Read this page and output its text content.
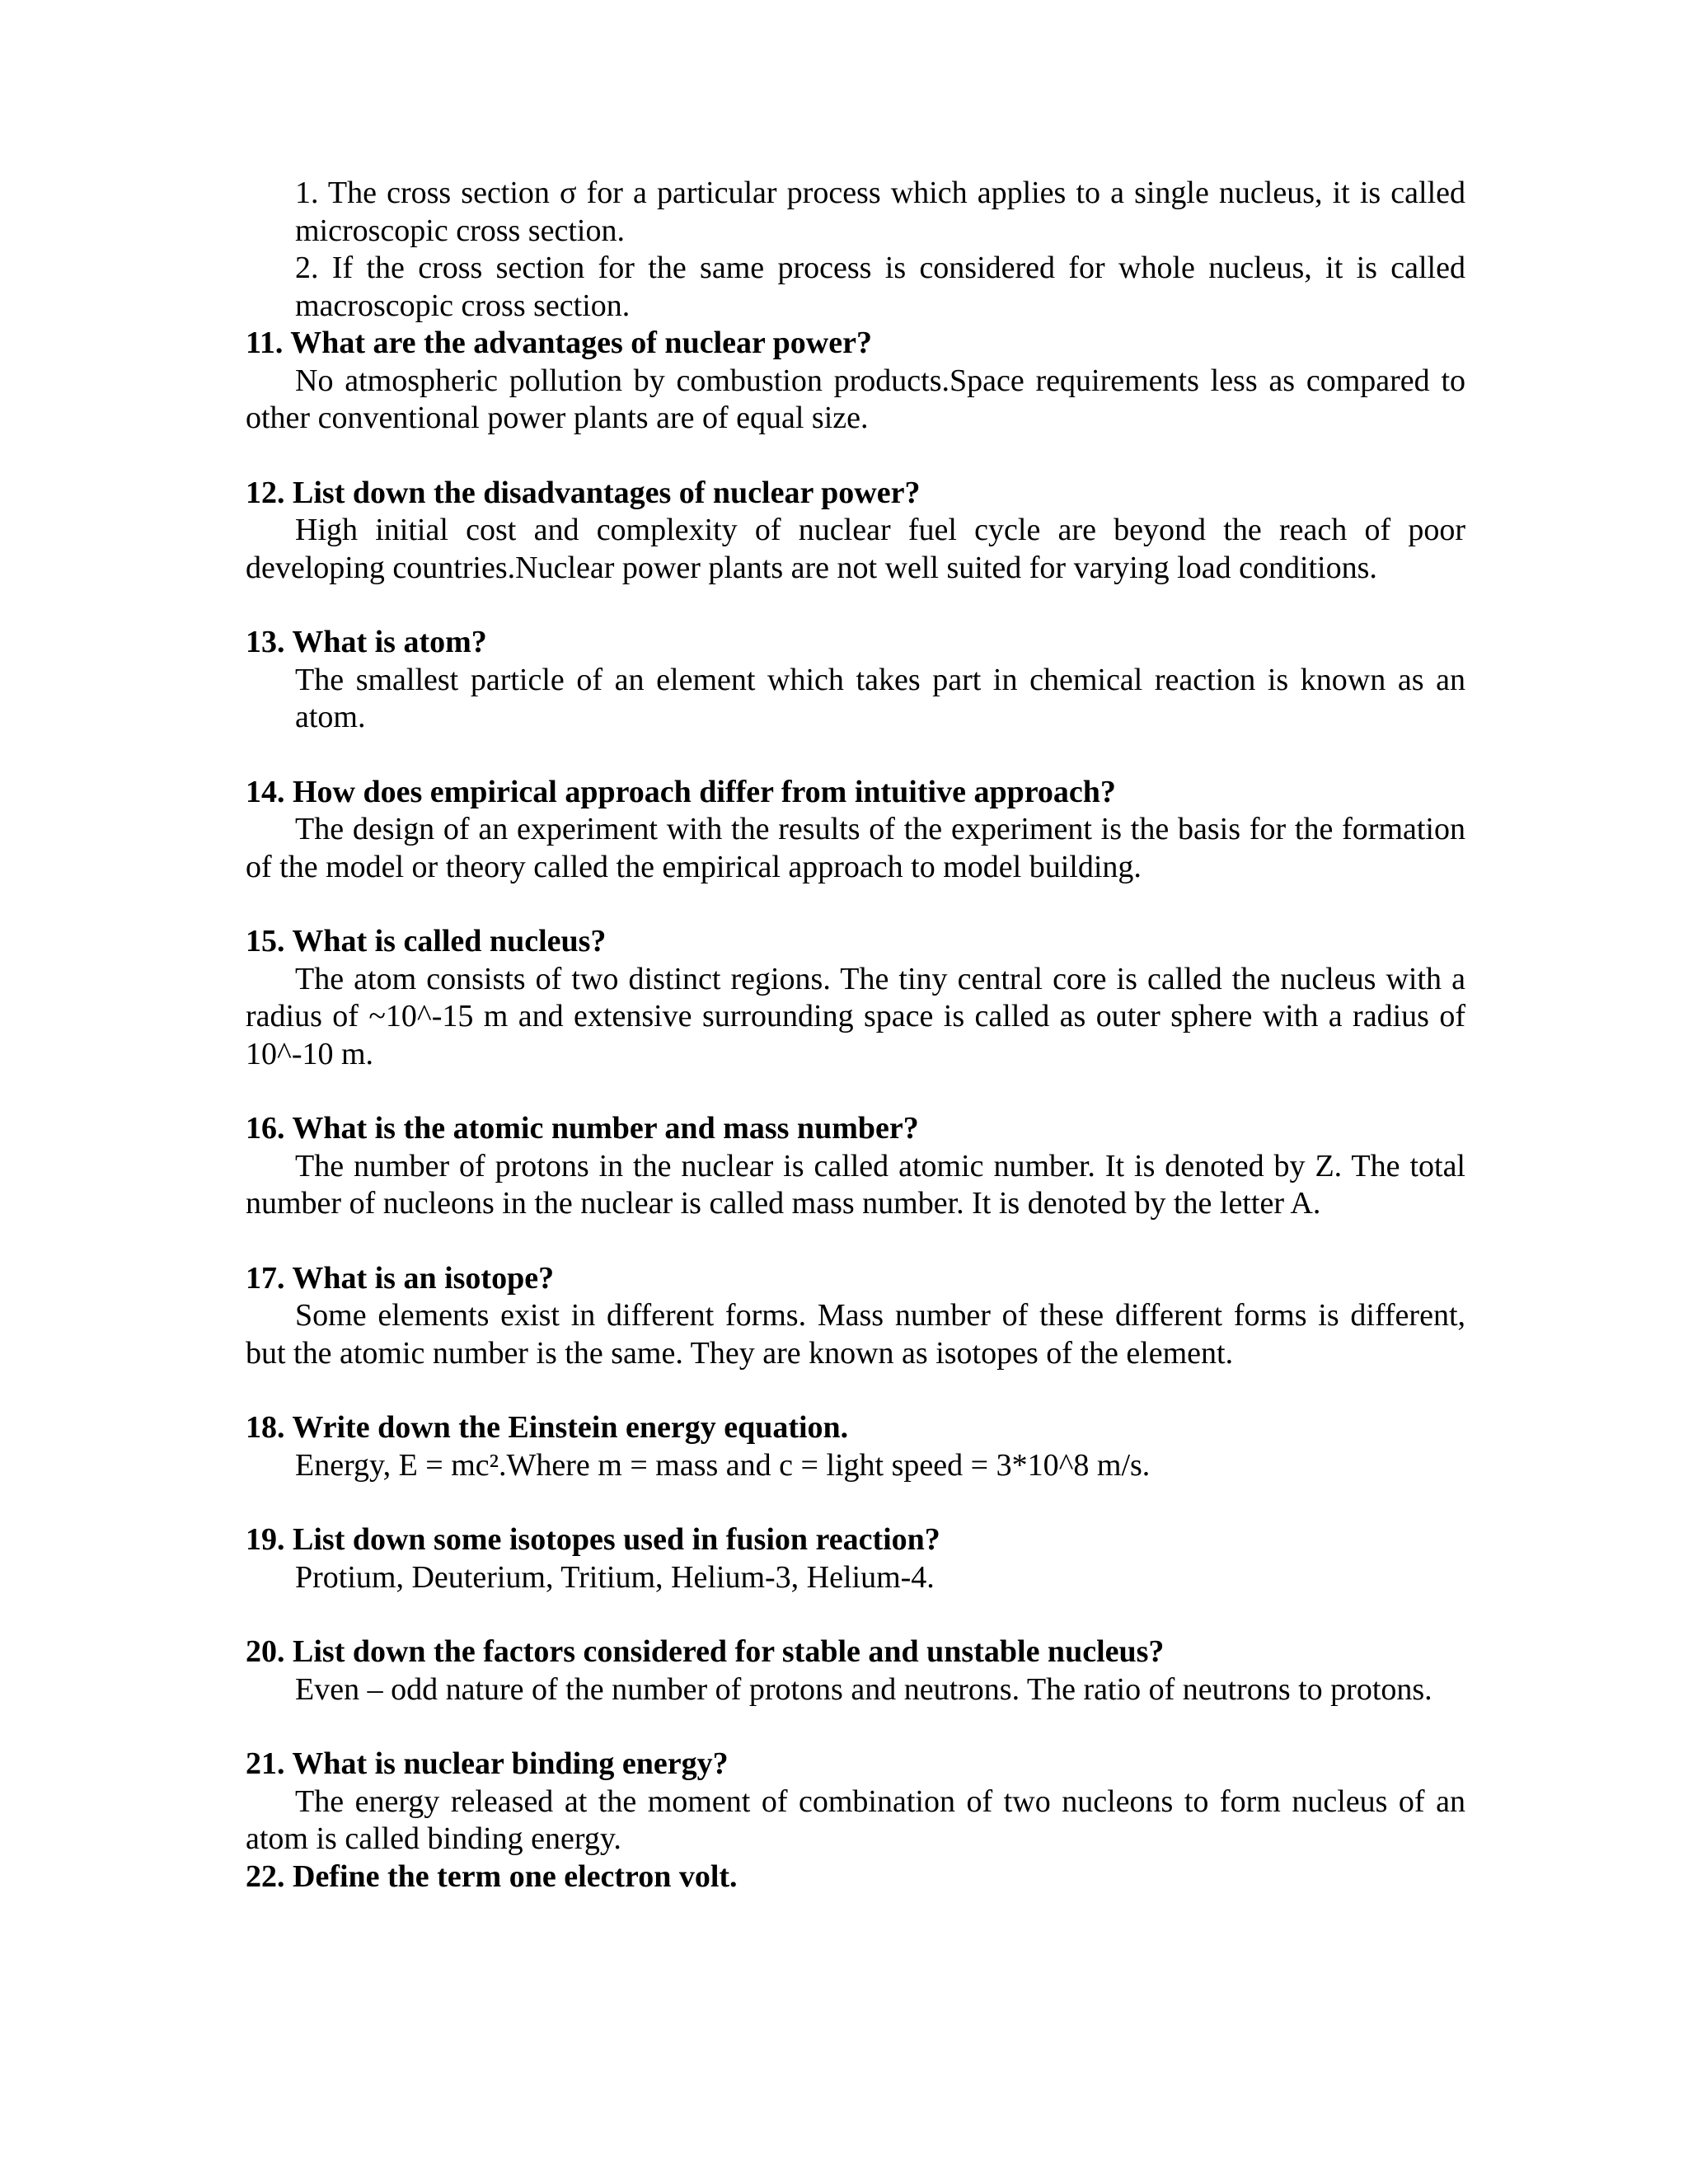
1. The cross section σ for a particular process which applies to a single nucleus, it is called microscopic cross section.

2. If the cross section for the same process is considered for whole nucleus, it is called macroscopic cross section.

11. What are the advantages of nuclear power?

No atmospheric pollution by combustion products.Space requirements less as compared to other conventional power plants are of equal size.

12. List down the disadvantages of nuclear power?

High initial cost and complexity of nuclear fuel cycle are beyond the reach of poor developing countries.Nuclear power plants are not well suited for varying load conditions.

13. What is atom?

The smallest particle of an element which takes part in chemical reaction is known as an atom.

14. How does empirical approach differ from intuitive approach?

The design of an experiment with the results of the experiment is the basis for the formation of the model or theory called the empirical approach to model building.

15. What is called nucleus?

The atom consists of two distinct regions. The tiny central core is called the nucleus with a radius of ~10^-15 m and extensive surrounding space is called as outer sphere with a radius of 10^-10 m.

16. What is the atomic number and mass number?

The number of protons in the nuclear is called atomic number. It is denoted by Z. The total number of nucleons in the nuclear is called mass number. It is denoted by the letter A.

17. What is an isotope?

Some elements exist in different forms. Mass number of these different forms is different, but the atomic number is the same. They are known as isotopes of the element.

18. Write down the Einstein energy equation.

Energy, E = mc².Where m = mass and c = light speed = 3*10^8 m/s.

19. List down some isotopes used in fusion reaction?

Protium, Deuterium, Tritium, Helium-3, Helium-4.

20. List down the factors considered for stable and unstable nucleus?

Even – odd nature of the number of protons and neutrons. The ratio of neutrons to protons.

21. What is nuclear binding energy?

The energy released at the moment of combination of two nucleons to form nucleus of an atom is called binding energy.

22. Define the term one electron volt.
